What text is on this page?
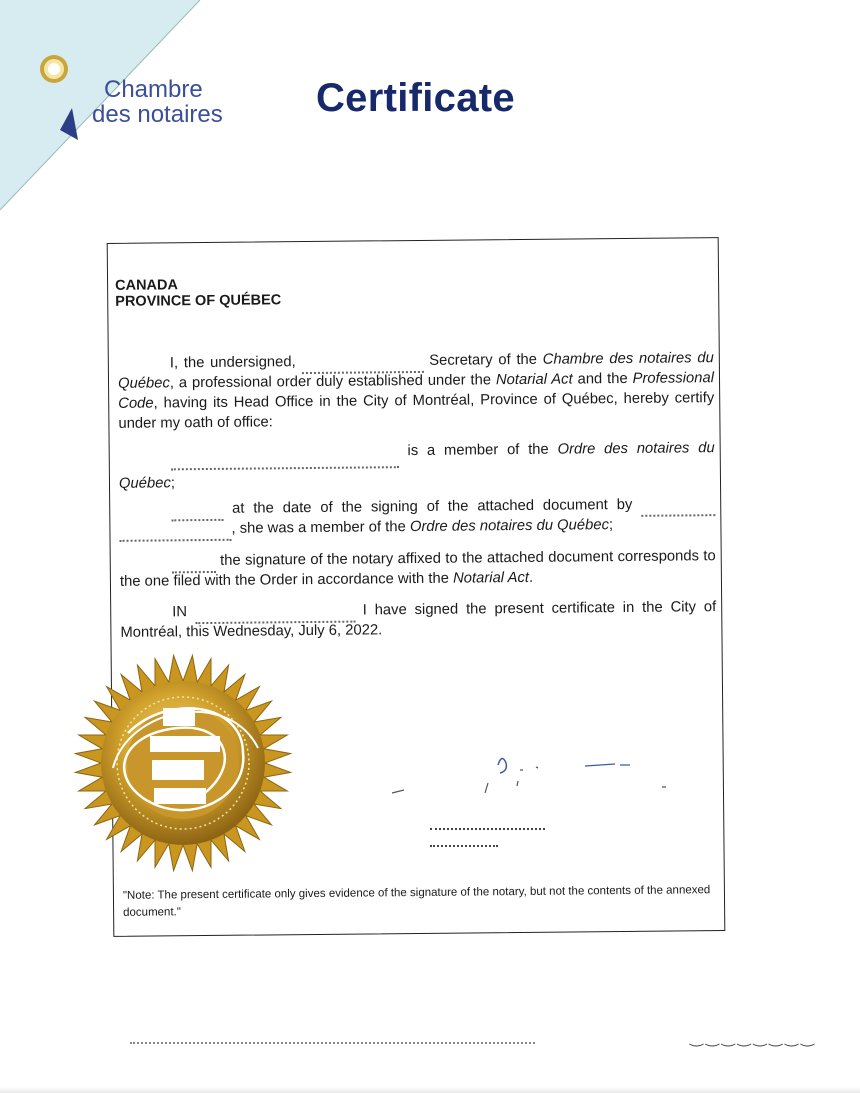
Chambre
des notaires Certificate
CANADA
PROVINCE OF QUÉBEC
I, the undersigned,	Secretary of the Chambre des notaires du Québec, a professional order duly established under the Notarial Act and the Professional Code, having its Head Office in the City of Montréal, Province of Québec, hereby certify under my oath of office:
is a member of the Ordre des notaires du Québec;
at the date of the signing of the attached document by  , she was a member of the Ordre des notaires du Québec;
the signature of the notary affixed to the attached document corresponds to the one filed with the Order in accordance with the Notarial Act.
IN	I have signed the present certificate in the City of Montréal, this Wednesday, July 6, 2022.
"Note: The present certificate only gives evidence of the signature of the notary, but not the contents of the annexed document."
‿‿‿‿‿‿‿‿
